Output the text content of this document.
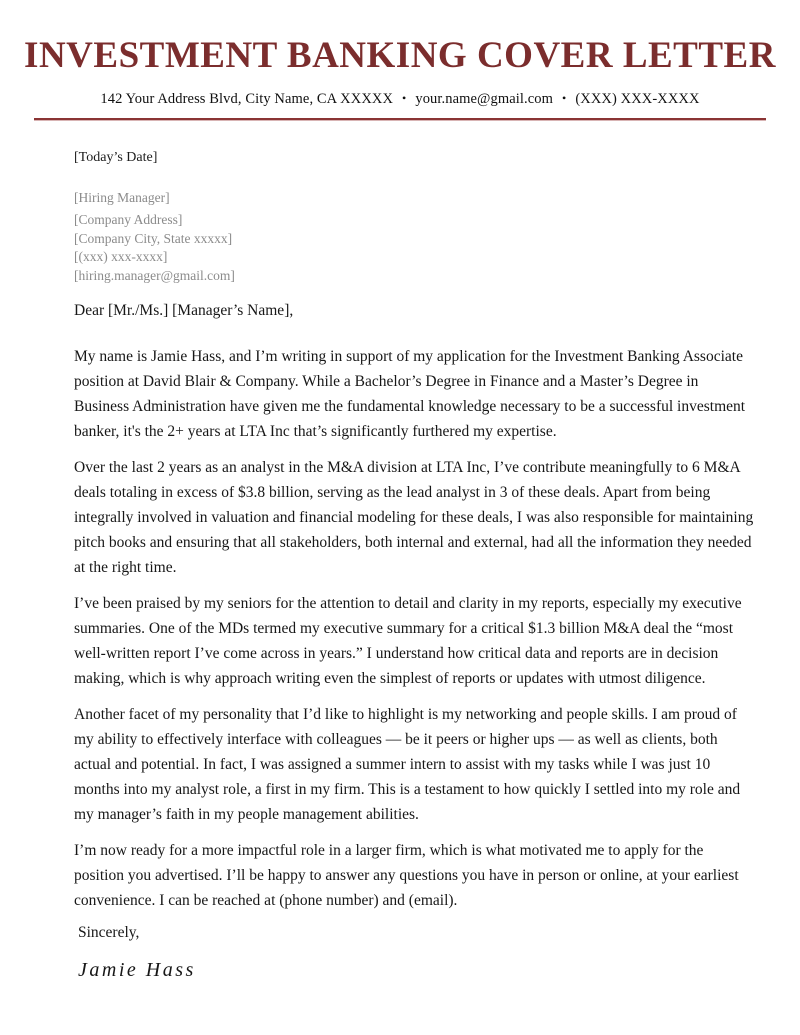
INVESTMENT BANKING COVER LETTER
142 Your Address Blvd, City Name, CA XXXXX • your.name@gmail.com • (XXX) XXX-XXXX
[Today’s Date]
[Hiring Manager]
[Company Address]
[Company City, State xxxxx]
[(xxx) xxx-xxxx]
[hiring.manager@gmail.com]
Dear [Mr./Ms.] [Manager’s Name],

My name is Jamie Hass, and I’m writing in support of my application for the Investment Banking Associate position at David Blair & Company. While a Bachelor’s Degree in Finance and a Master’s Degree in Business Administration have given me the fundamental knowledge necessary to be a successful investment banker, it's the 2+ years at LTA Inc that’s significantly furthered my expertise.

Over the last 2 years as an analyst in the M&A division at LTA Inc, I’ve contribute meaningfully to 6 M&A deals totaling in excess of $3.8 billion, serving as the lead analyst in 3 of these deals. Apart from being integrally involved in valuation and financial modeling for these deals, I was also responsible for maintaining pitch books and ensuring that all stakeholders, both internal and external, had all the information they needed at the right time.

I’ve been praised by my seniors for the attention to detail and clarity in my reports, especially my executive summaries. One of the MDs termed my executive summary for a critical $1.3 billion M&A deal the “most well-written report I’ve come across in years.” I understand how critical data and reports are in decision making, which is why approach writing even the simplest of reports or updates with utmost diligence.

Another facet of my personality that I’d like to highlight is my networking and people skills. I am proud of my ability to effectively interface with colleagues — be it peers or higher ups — as well as clients, both actual and potential. In fact, I was assigned a summer intern to assist with my tasks while I was just 10 months into my analyst role, a first in my firm. This is a testament to how quickly I settled into my role and my manager’s faith in my people management abilities.

I’m now ready for a more impactful role in a larger firm, which is what motivated me to apply for the position you advertised. I’ll be happy to answer any questions you have in person or online, at your earliest convenience. I can be reached at (phone number) and (email).

Sincerely,
Jamie Hass
